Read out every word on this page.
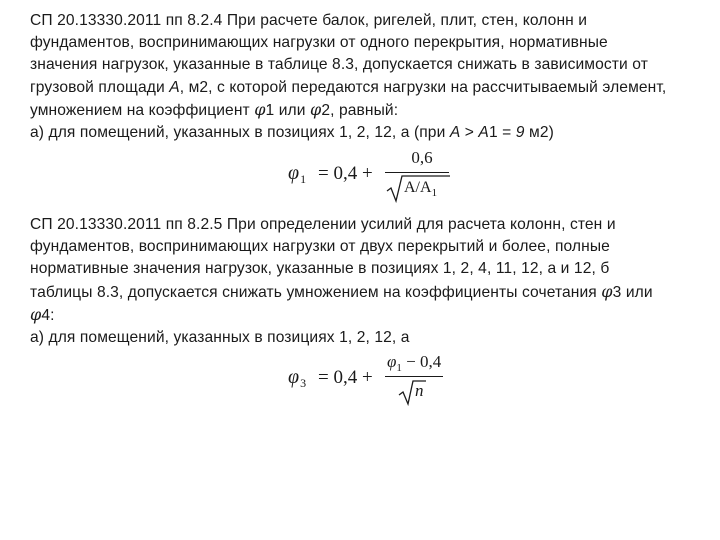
СП 20.13330.2011 пп 8.2.4 При расчете балок, ригелей, плит, стен, колонн и
фундаментов, воспринимающих нагрузки от одного перекрытия, нормативные
значения нагрузок, указанные в таблице 8.3, допускается снижать в зависимости от
грузовой площади A, м2, с которой передаются нагрузки на рассчитываемый элемент,
умножением на коэффициент φ1 или φ2, равный:
а) для помещений, указанных в позициях 1, 2, 12, а (при A > A1 = 9 м2)
$\varphi_1 = 0,4$ +
0,6
$A/A_1$
СП 20.13330.2011 пп 8.2.5 При определении усилий для расчета колонн, стен и
фундаментов, воспринимающих нагрузки от двух перекрытий и более, полные
нормативные значения нагрузок, указанные в позициях 1, 2, 4, 11, 12, а и 12, б
таблицы 8.3, допускается снижать умножением на коэффициенты сочетания φ3 или
φ4:
а) для помещений, указанных в позициях 1, 2, 12, а
$\varphi_3 = 0,4$ +
$\varphi_1 - 0,4$
n
